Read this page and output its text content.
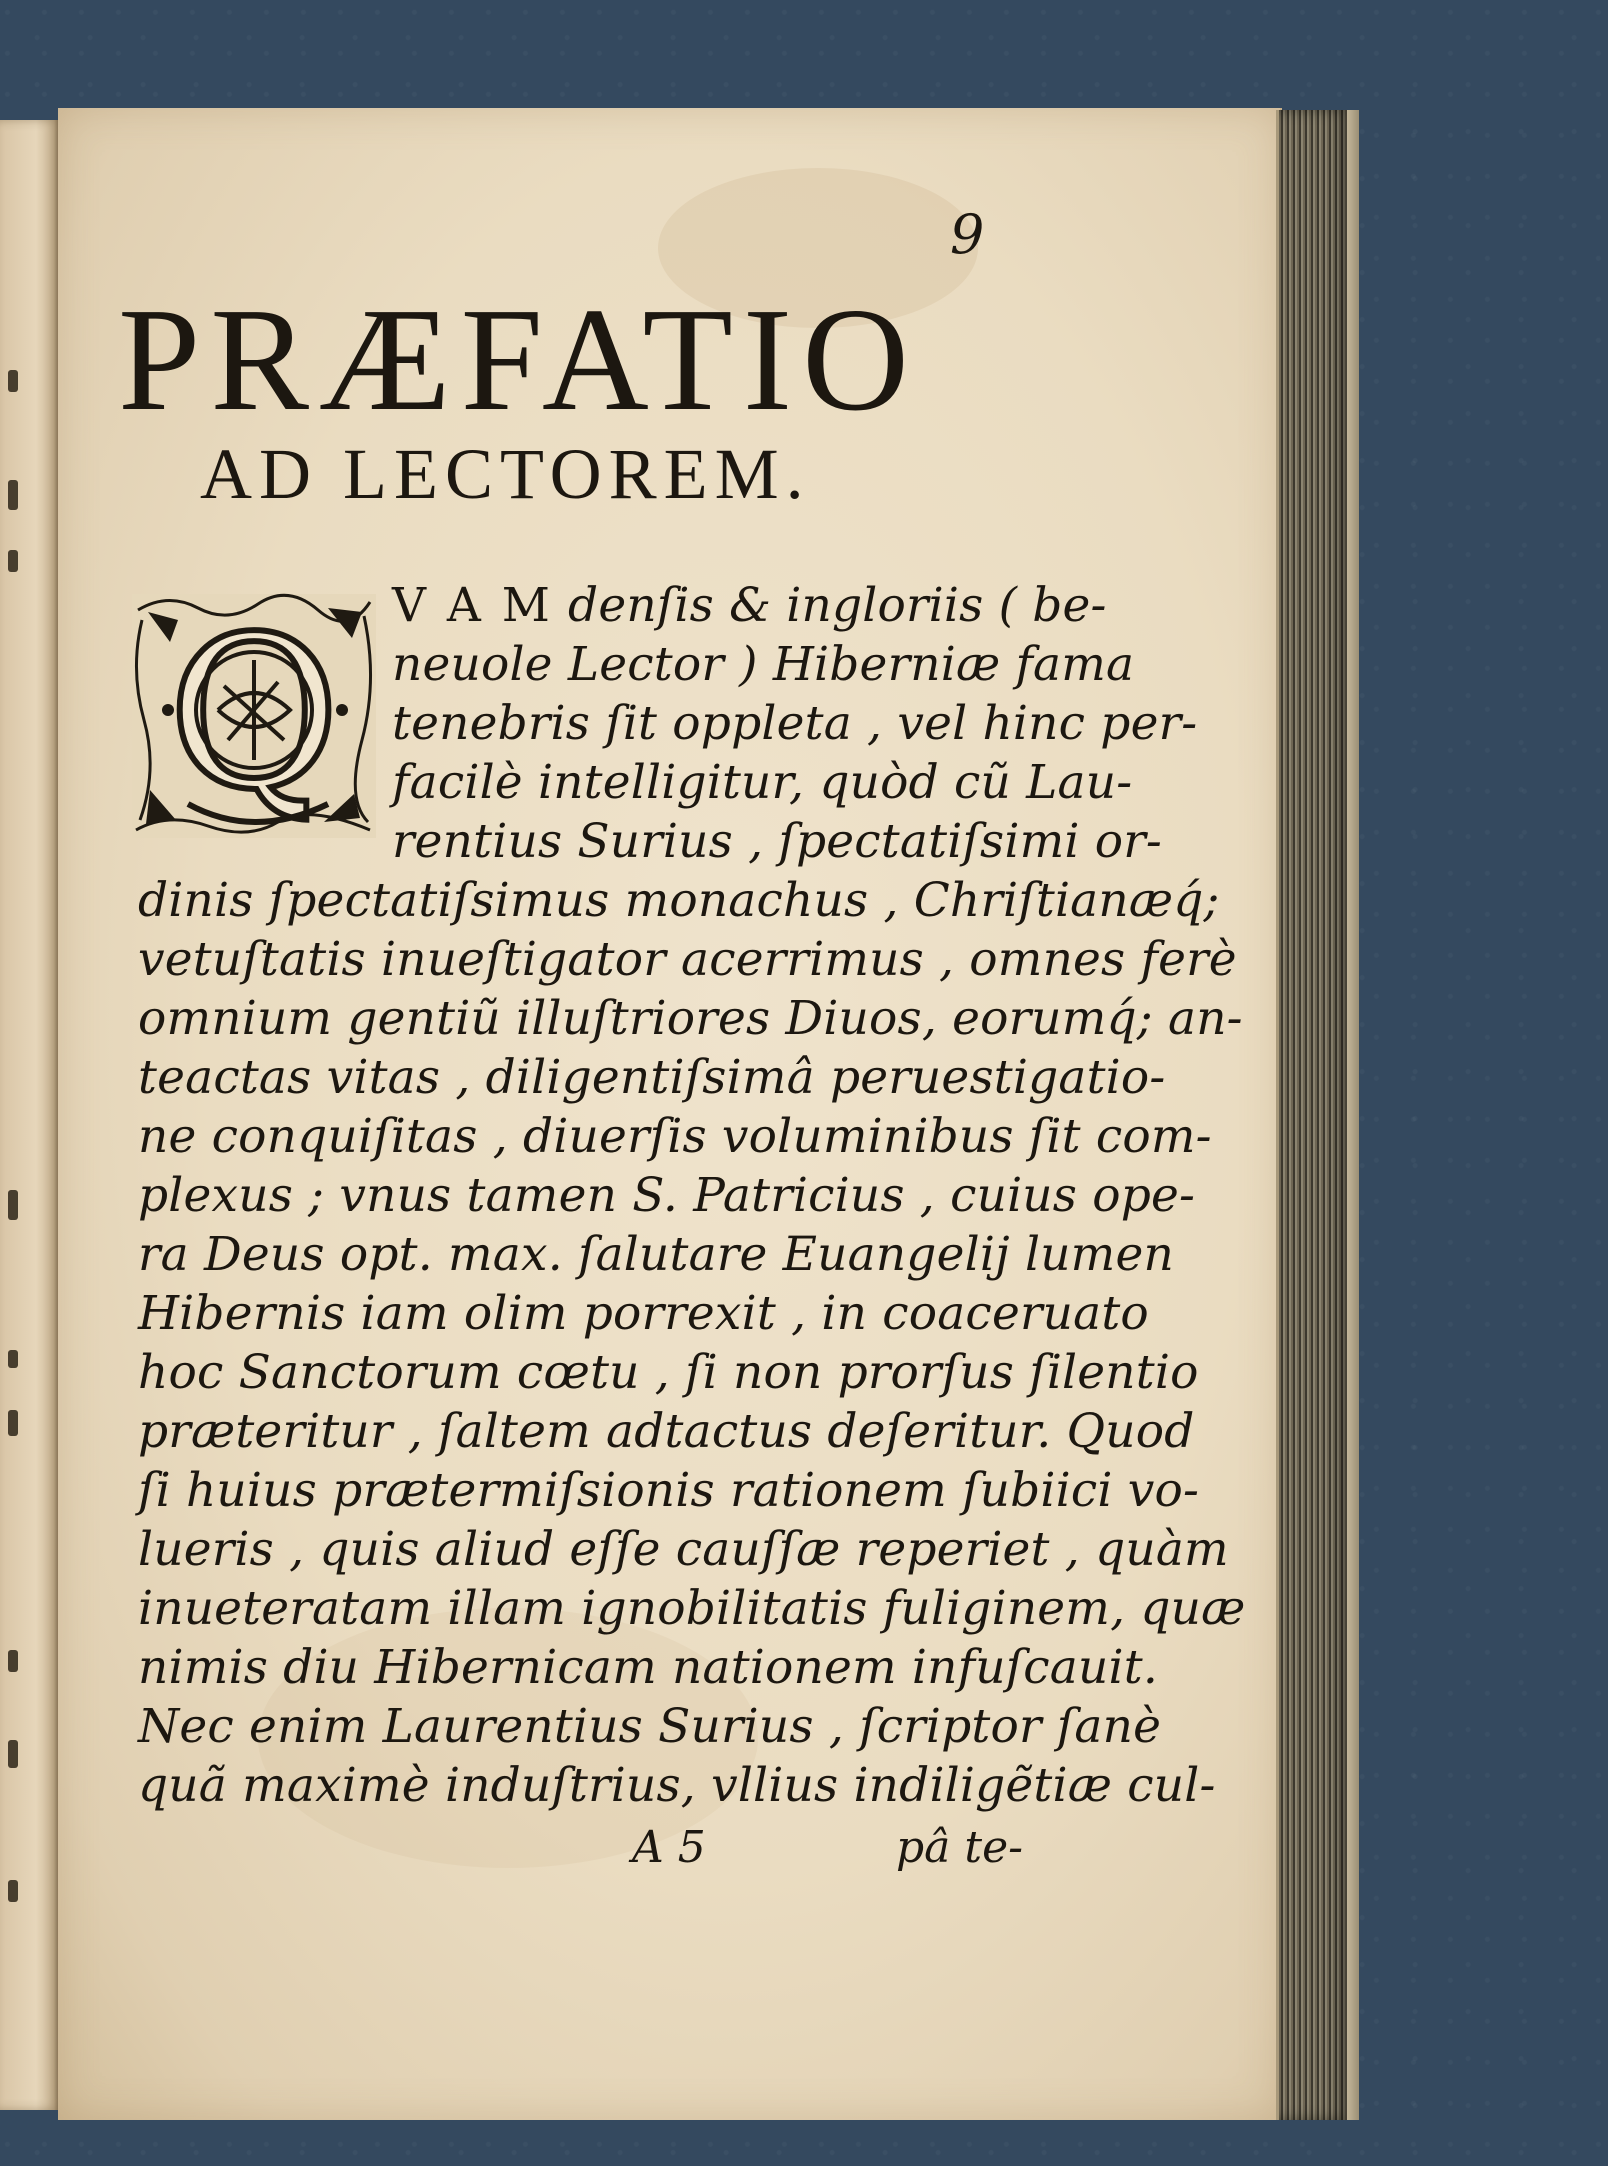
9
PRÆFATIO
AD LECTOREM.
Q V A M denſis & ingloriis ( be-
neuole Lector ) Hiberniæ fama
tenebris ſit oppleta , vel hinc per-
facilè intelligitur, quòd cũ Lau-
rentius Surius , ſpectatiſsimi or-
dinis ſpectatiſsimus monachus , Chriſtianæq́;
vetuſtatis inueſtigator acerrimus , omnes ferè
omnium gentiũ illuſtriores Diuos, eorumq́; an-
teactas vitas , diligentiſsimâ peruestigatio-
ne conquiſitas , diuerſis voluminibus ſit com-
plexus ; vnus tamen S. Patricius , cuius ope-
ra Deus opt. max. ſalutare Euangelij lumen
Hibernis iam olim porrexit , in coaceruato
hoc Sanctorum cœtu , ſi non prorſus ſilentio
præteritur , ſaltem adtactus deſeritur. Quod
ſi huius prætermiſsionis rationem ſubiici vo-
lueris , quis aliud eſſe cauſſæ reperiet , quàm
inueteratam illam ignobilitatis fuliginem, quæ
nimis diu Hibernicam nationem infuſcauit.
Nec enim Laurentius Surius , ſcriptor ſanè
quã maximè induſtrius, vllius indiligẽtiæ cul-
A 5	pâ te-
